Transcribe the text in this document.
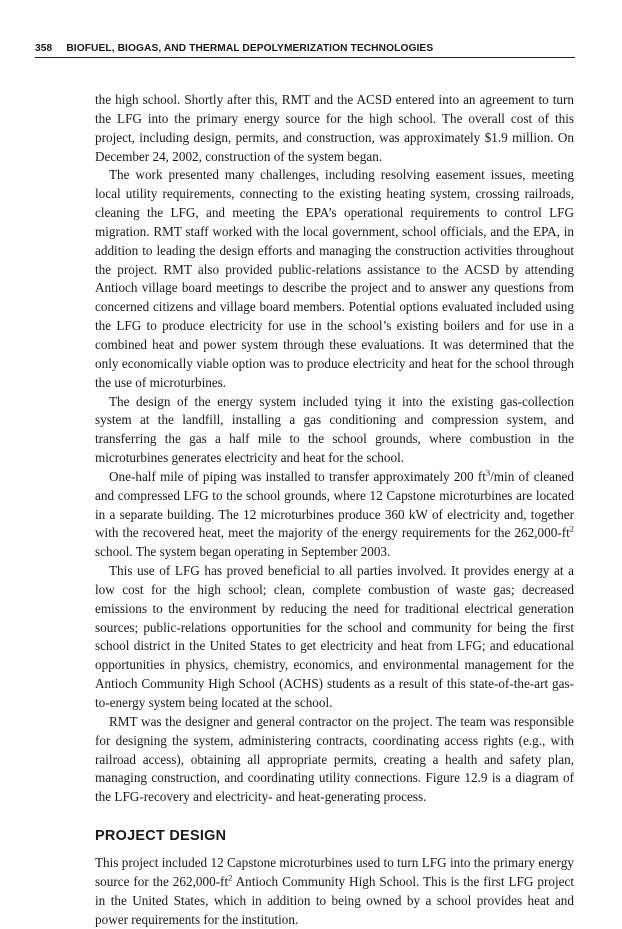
358 BIOFUEL, BIOGAS, AND THERMAL DEPOLYMERIZATION TECHNOLOGIES

the high school. Shortly after this, RMT and the ACSD entered into an agreement to turn the LFG into the primary energy source for the high school. The overall cost of this project, including design, permits, and construction, was approximately $1.9 million. On December 24, 2002, construction of the system began.

The work presented many challenges, including resolving easement issues, meeting local utility requirements, connecting to the existing heating system, crossing railroads, cleaning the LFG, and meeting the EPA’s operational requirements to control LFG migration. RMT staff worked with the local government, school officials, and the EPA, in addition to leading the design efforts and managing the construction activities throughout the project. RMT also provided public-relations assistance to the ACSD by attending Antioch village board meetings to describe the project and to answer any questions from concerned citizens and village board members. Potential options evaluated included using the LFG to produce electricity for use in the school’s existing boilers and for use in a combined heat and power system through these evaluations. It was determined that the only economically viable option was to produce electricity and heat for the school through the use of microturbines.

The design of the energy system included tying it into the existing gas-collection system at the landfill, installing a gas conditioning and compression system, and transferring the gas a half mile to the school grounds, where combustion in the microturbines generates electricity and heat for the school.

One-half mile of piping was installed to transfer approximately 200 $ft^3/\min$ of cleaned and compressed LFG to the school grounds, where 12 Capstone microturbines are located in a separate building. The 12 microturbines produce 360 kW of electricity and, together with the recovered heat, meet the majority of the energy requirements for the $262,000-ft^2$ school. The system began operating in September 2003.

This use of LFG has proved beneficial to all parties involved. It provides energy at a low cost for the high school; clean, complete combustion of waste gas; decreased emissions to the environment by reducing the need for traditional electrical generation sources; public-relations opportunities for the school and community for being the first school district in the United States to get electricity and heat from LFG; and educational opportunities in physics, chemistry, economics, and environmental management for the Antioch Community High School (ACHS) students as a result of this state-of-the-art gas-to-energy system being located at the school.

RMT was the designer and general contractor on the project. The team was responsible for designing the system, administering contracts, coordinating access rights (e.g., with railroad access), obtaining all appropriate permits, creating a health and safety plan, managing construction, and coordinating utility connections. Figure 12.9 is a diagram of the LFG-recovery and electricity- and heat-generating process.

PROJECT DESIGN

This project included 12 Capstone microturbines used to turn LFG into the primary energy source for the $262,000-ft^2$ Antioch Community High School. This is the first LFG project in the United States, which in addition to being owned by a school provides heat and power requirements for the institution.
